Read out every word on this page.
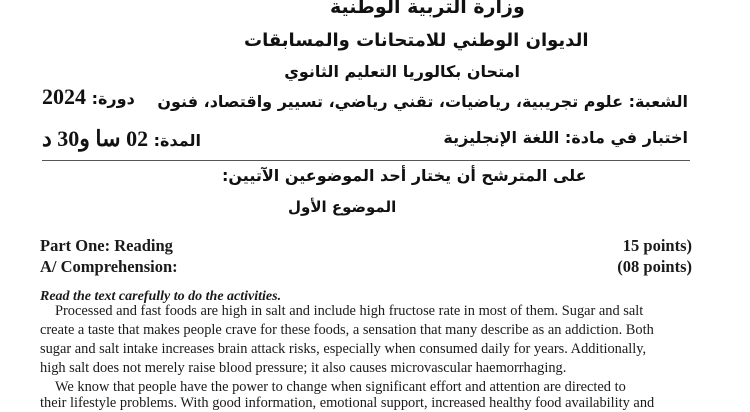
وزارة التربية الوطنية
الديوان الوطني للامتحانات والمسابقات
امتحان بكالوريا التعليم الثانوي
دورة: 2024	الشعبة: علوم تجريبية، رياضيات، تقني رياضي، تسيير واقتصاد، فنون
اختبار في مادة: اللغة الإنجليزية
المدة: 02 سا و30 د
على المترشح أن يختار أحد الموضوعين الآتيين:
الموضوع الأول
Part One: Reading	15 points)
A/ Comprehension:	(08 points)
Read the text carefully to do the activities.
Processed and fast foods are high in salt and include high fructose rate in most of them. Sugar and salt
create a taste that makes people crave for these foods, a sensation that many describe as an addiction. Both
sugar and salt intake increases brain attack risks, especially when consumed daily for years. Additionally,
high salt does not merely raise blood pressure; it also causes microvascular haemorrhaging.
We know that people have the power to change when significant effort and attention are directed to
their lifestyle problems. With good information, emotional support, increased healthy food availability and
